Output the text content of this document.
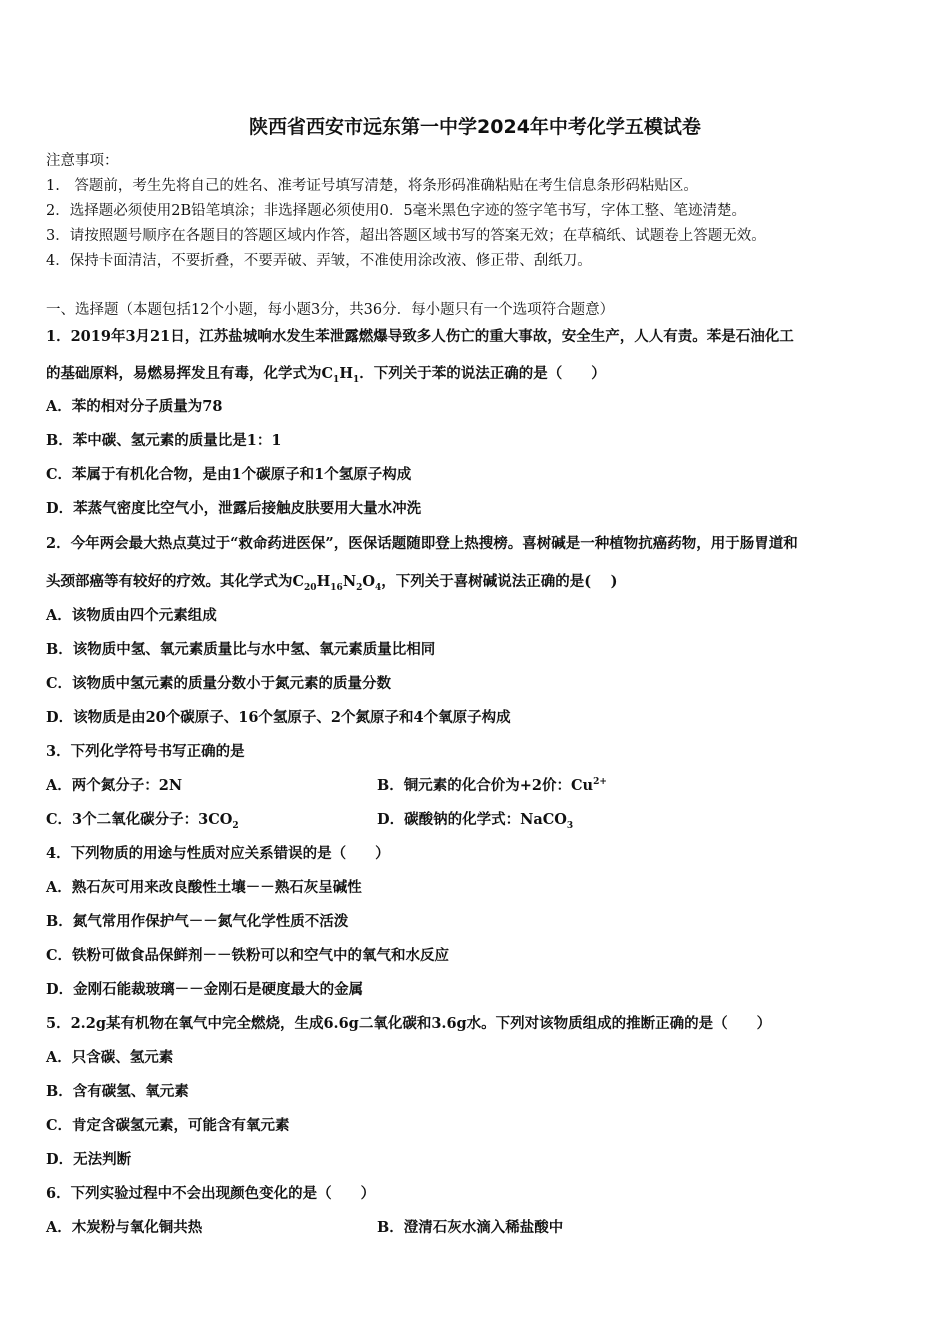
陕西省西安市远东第一中学2024年中考化学五模试卷
注意事项：
1.　答题前，考生先将自己的姓名、准考证号填写清楚，将条形码准确粘贴在考生信息条形码粘贴区。
2．选择题必须使用2B铅笔填涂；非选择题必须使用0．5毫米黑色字迹的签字笔书写，字体工整、笔迹清楚。
3．请按照题号顺序在各题目的答题区域内作答，超出答题区域书写的答案无效；在草稿纸、试题卷上答题无效。
4．保持卡面清洁，不要折叠，不要弄破、弄皱，不准使用涂改液、修正带、刮纸刀。
一、选择题（本题包括12个小题，每小题3分，共36分．每小题只有一个选项符合题意）
1．2019年3月21日，江苏盐城响水发生苯泄露燃爆导致多人伤亡的重大事故，安全生产，人人有责。苯是石油化工
的基础原料，易燃易挥发且有毒，化学式为$C_1H_1$．下列关于苯的说法正确的是（　　）
A．苯的相对分子质量为78
B．苯中碳、氢元素的质量比是1：1
C．苯属于有机化合物，是由1个碳原子和1个氢原子构成
D．苯蒸气密度比空气小，泄露后接触皮肤要用大量水冲洗
2．今年两会最大热点莫过于“救命药进医保”，医保话题随即登上热搜榜。喜树碱是一种植物抗癌药物，用于肠胃道和
头颈部癌等有较好的疗效。其化学式为$C_{20}H_{16}N_2O_4$，下列关于喜树碱说法正确的是(　 )
A．该物质由四个元素组成
B．该物质中氢、氧元素质量比与水中氢、氧元素质量比相同
C．该物质中氢元素的质量分数小于氮元素的质量分数
D．该物质是由20个碳原子、16个氢原子、2个氮原子和4个氧原子构成
3．下列化学符号书写正确的是
A．两个氮分子：2N	B．铜元素的化合价为+2价：$Cu^{2+}$
C．3个二氧化碳分子：$3CO_2$	D．碳酸钠的化学式：NaCO$_3$
4．下列物质的用途与性质对应关系错误的是（　　）
A．熟石灰可用来改良酸性土壤－－熟石灰呈碱性
B．氮气常用作保护气－－氮气化学性质不活泼
C．铁粉可做食品保鲜剂－－铁粉可以和空气中的氧气和水反应
D．金刚石能裁玻璃－－金刚石是硬度最大的金属
5．2.2g某有机物在氧气中完全燃烧，生成6.6g二氧化碳和3.6g水。下列对该物质组成的推断正确的是（　　）
A．只含碳、氢元素
B．含有碳氢、氧元素
C．肯定含碳氢元素，可能含有氧元素
D．无法判断
6．下列实验过程中不会出现颜色变化的是（　　）
A．木炭粉与氧化铜共热	B．澄清石灰水滴入稀盐酸中
